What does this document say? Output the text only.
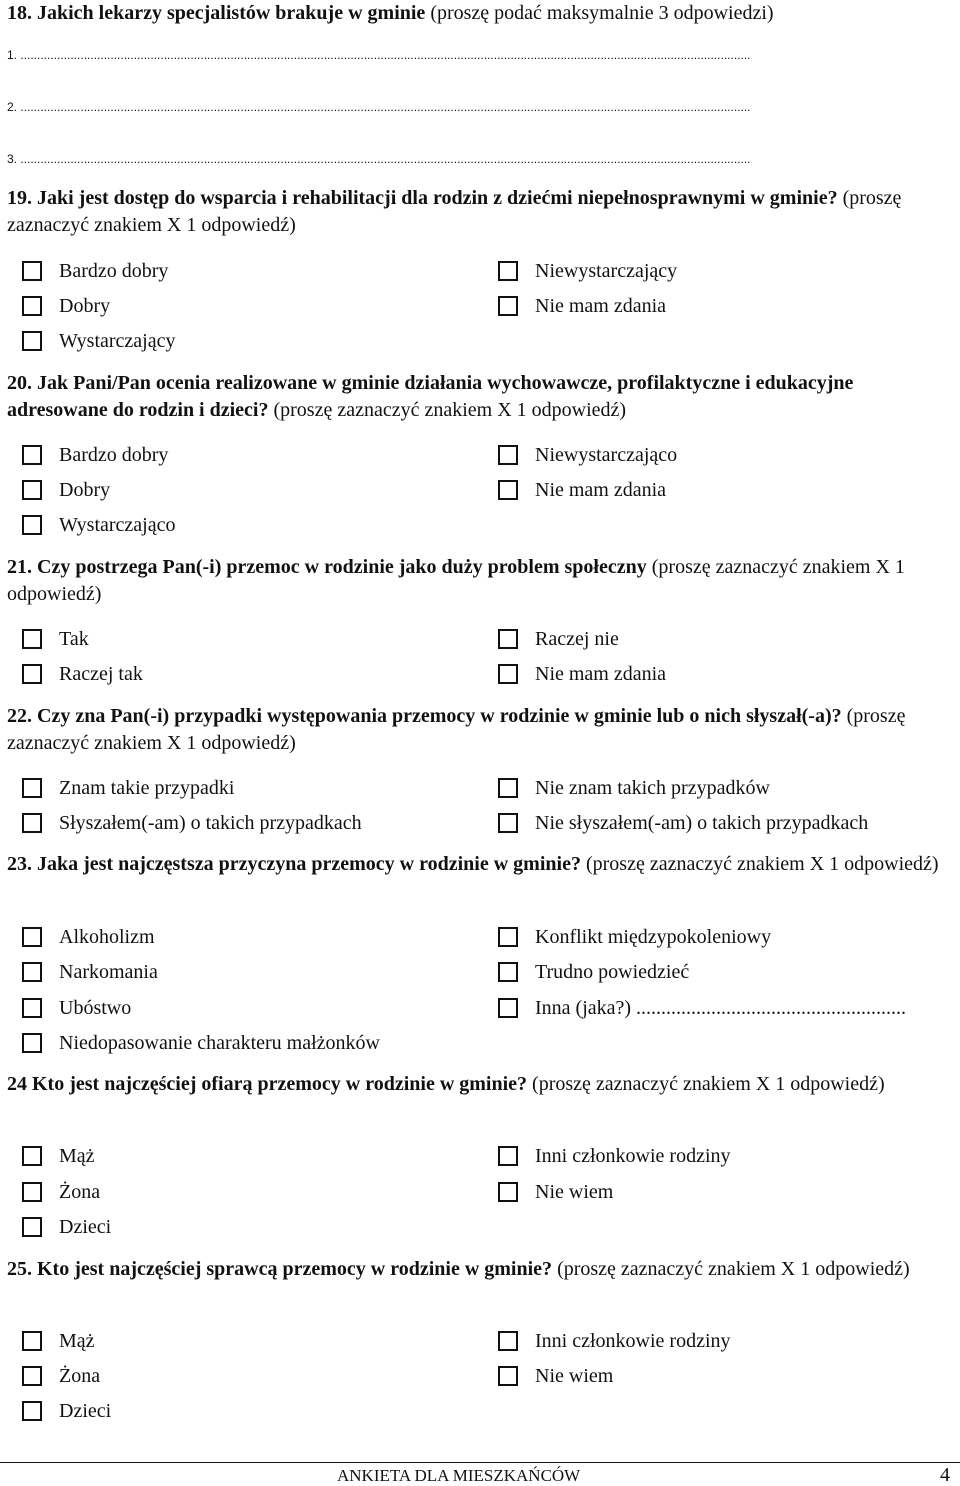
18. Jakich lekarzy specjalistów brakuje w gminie (proszę podać maksymalnie 3 odpowiedzi)
1. ...........................................................................................................................................................................................................................
2. ...........................................................................................................................................................................................................................
3. ...........................................................................................................................................................................................................................
19. Jaki jest dostęp do wsparcia i rehabilitacji dla rodzin z dziećmi niepełnosprawnymi w gminie? (proszę zaznaczyć znakiem X 1 odpowiedź)
Bardzo dobry
Dobry
Wystarczający
Niewystarczający
Nie mam zdania
20. Jak Pani/Pan ocenia realizowane w gminie działania wychowawcze, profilaktyczne i edukacyjne adresowane do rodzin i dzieci? (proszę zaznaczyć znakiem X 1 odpowiedź)
Bardzo dobry
Dobry
Wystarczająco
Niewystarczająco
Nie mam zdania
21. Czy postrzega Pan(-i) przemoc w rodzinie jako duży problem społeczny (proszę zaznaczyć znakiem X 1 odpowiedź)
Tak
Raczej tak
Raczej nie
Nie mam zdania
22. Czy zna Pan(-i) przypadki występowania przemocy w rodzinie w gminie lub o nich słyszał(-a)? (proszę zaznaczyć znakiem X 1 odpowiedź)
Znam takie przypadki
Słyszałem(-am) o takich przypadkach
Nie znam takich przypadków
Nie słyszałem(-am) o takich przypadkach
23. Jaka jest najczęstsza przyczyna przemocy w rodzinie w gminie? (proszę zaznaczyć znakiem X 1 odpowiedź)
Alkoholizm
Narkomania
Ubóstwo
Niedopasowanie charakteru małżonków
Konflikt międzypokoleniowy
Trudno powiedzieć
Inna (jaka?) ......................................................
24 Kto jest najczęściej ofiarą przemocy w rodzinie w gminie? (proszę zaznaczyć znakiem X 1 odpowiedź)
Mąż
Żona
Dzieci
Inni członkowie rodziny
Nie wiem
25. Kto jest najczęściej sprawcą przemocy w rodzinie w gminie? (proszę zaznaczyć znakiem X 1 odpowiedź)
Mąż
Żona
Dzieci
Inni członkowie rodziny
Nie wiem
ANKIETA DLA MIESZKAŃCÓW	4
